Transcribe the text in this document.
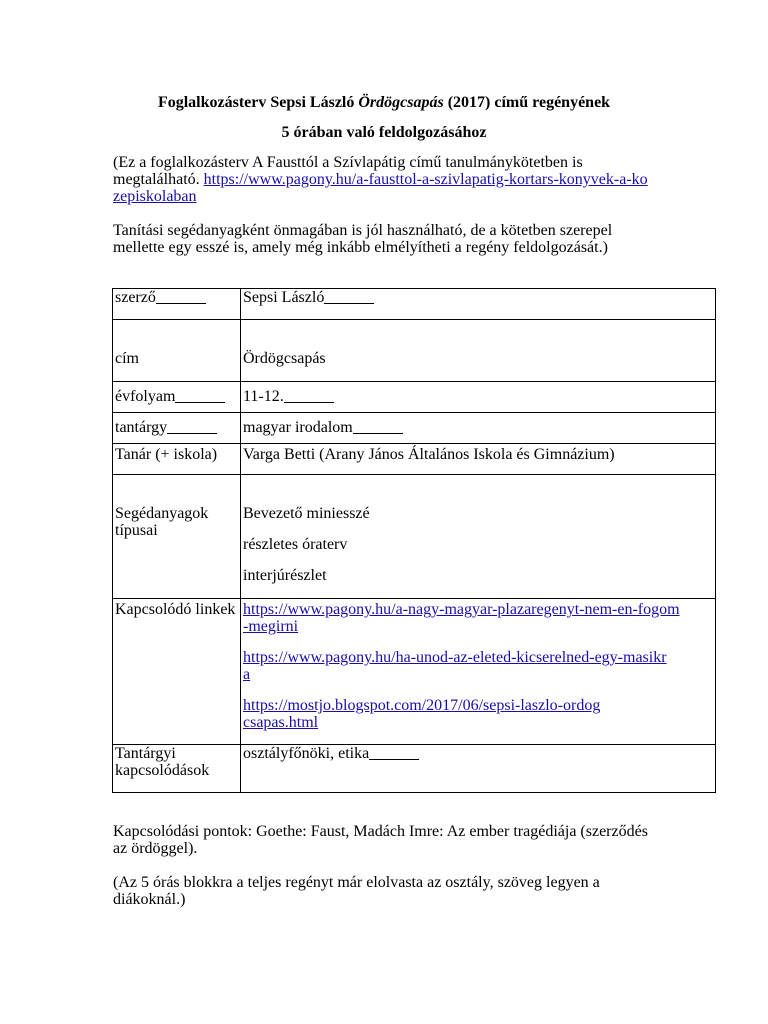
Foglalkozásterv Sepsi László Ördögcsapás (2017) című regényének
5 órában való feldolgozásához
(Ez a foglalkozásterv A Fausttól a Szívlapátig című tanulmánykötetben is megtalálható. https://www.pagony.hu/a-fausttol-a-szivlapatig-kortars-konyvek-a-kozepiskolaban
Tanítási segédanyagként önmagában is jól használható, de a kötetben szerepel mellette egy esszé is, amely még inkább elmélyítheti a regény feldolgozását.)
szerző	Sepsi László
cím	Ördögcsapás
évfolyam	11-12.
tantárgy	magyar irodalom
Tanár (+ iskola)	Varga Betti (Arany János Általános Iskola és Gimnázium)
Segédanyagok típusai	Bevezető miniesszé
részletes óraterv
interjúrészlet

Kapcsolódó linkek	https://www.pagony.hu/a-nagy-magyar-plazaregenyt-nem-en-fogom-megirni
https://www.pagony.hu/ha-unod-az-eleted-kicserelned-egy-masikra
https://mostjo.blogspot.com/2017/06/sepsi-laszlo-ordogcsapas.html

Tantárgyi kapcsolódások	osztályfőnöki, etika
Kapcsolódási pontok: Goethe: Faust, Madách Imre: Az ember tragédiája (szerződés az ördöggel).
(Az 5 órás blokkra a teljes regényt már elolvasta az osztály, szöveg legyen a diákoknál.)
